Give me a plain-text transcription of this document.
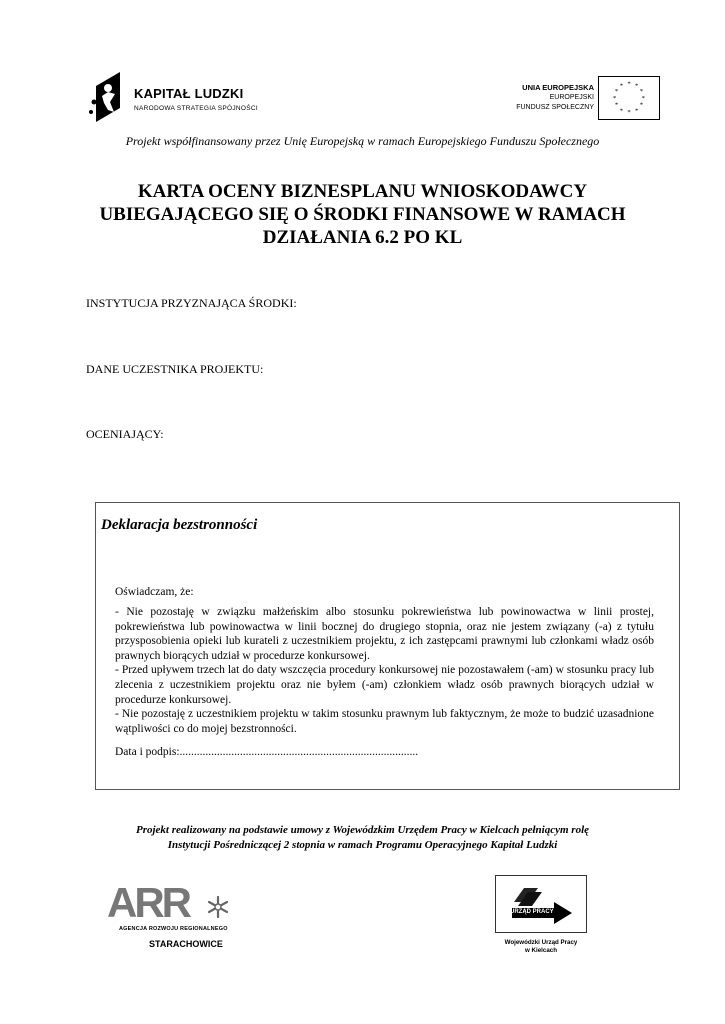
KAPITAŁ LUDZKI
NARODOWA STRATEGIA SPÓJNOŚCI
UNIA EUROPEJSKA
EUROPEJSKI
FUNDUSZ SPOŁECZNY
* *
*
*
*
*
*
*
*
*
*
*
Projekt współfinansowany przez Unię Europejską w ramach Europejskiego Funduszu Społecznego
KARTA OCENY BIZNESPLANU WNIOSKODAWCY
UBIEGAJĄCEGO SIĘ O ŚRODKI FINANSOWE W RAMACH
DZIAŁANIA 6.2 PO KL
INSTYTUCJA PRZYZNAJĄCA ŚRODKI:
DANE UCZESTNIKA PROJEKTU:
OCENIAJĄCY:
Deklaracja bezstronności
Oświadczam, że:

- Nie pozostaję w związku małżeńskim albo stosunku pokrewieństwa lub powinowactwa w linii prostej, pokrewieństwa lub powinowactwa w linii bocznej do drugiego stopnia, oraz nie jestem związany (-a) z tytułu przysposobienia opieki lub kurateli z uczestnikiem projektu, z ich zastępcami prawnymi lub członkami władz osób prawnych biorących udział w procedurze konkursowej.

- Przed upływem trzech lat do daty wszczęcia procedury konkursowej nie pozostawałem (-am) w stosunku pracy lub zlecenia z uczestnikiem projektu oraz nie byłem (-am) członkiem władz osób prawnych biorących udział w procedurze konkursowej.

- Nie pozostaję z uczestnikiem projektu w takim stosunku prawnym lub faktycznym, że może to budzić uzasadnione wątpliwości co do mojej bezstronności.

Data i podpis:...................................................................................
Projekt realizowany na podstawie umowy z Wojewódzkim Urzędem Pracy w Kielcach pełniącym rolę
Instytucji Pośredniczącej 2 stopnia w ramach Programu Operacyjnego Kapitał Ludzki
ARR
AGENCJA ROZWOJU REGIONALNEGO
STARACHOWICE
URZĄD PRACY
Wojewódzki Urząd Pracy
w Kielcach
